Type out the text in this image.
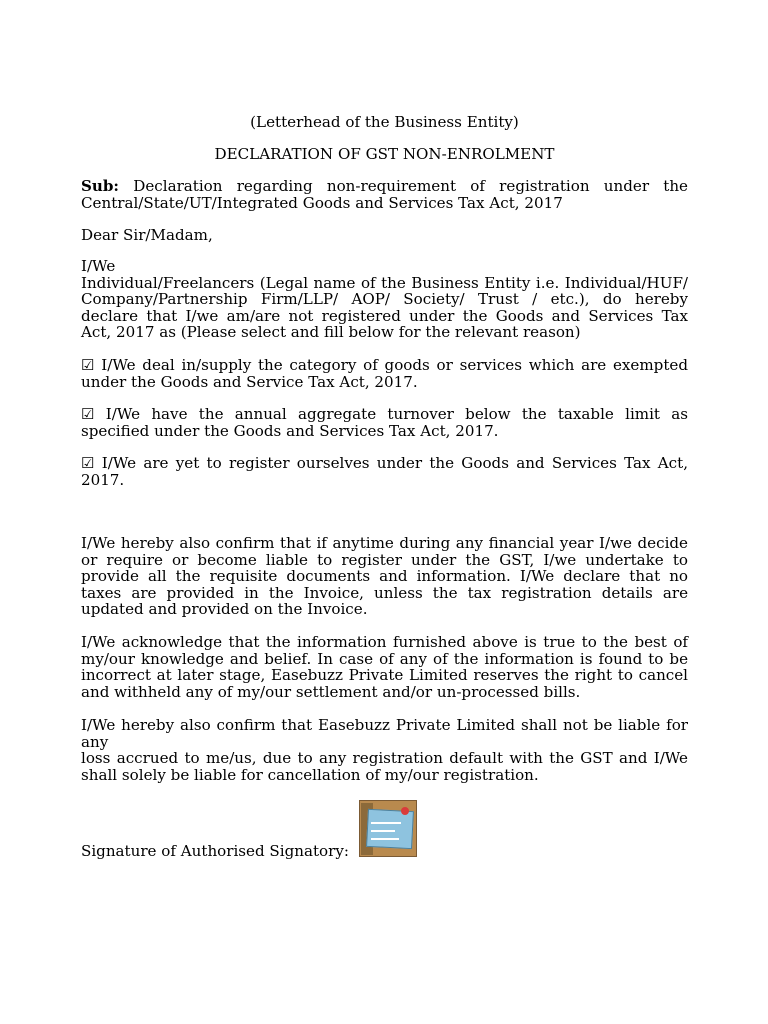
(Letterhead of the Business Entity)

DECLARATION OF GST NON-ENROLMENT

Sub: Declaration regarding non-requirement of registration under the
Central/State/UT/Integrated Goods and Services Tax Act, 2017

Dear Sir/Madam,

I/We
Individual/Freelancers (Legal name of the Business Entity i.e. Individual/HUF/
Company/Partnership Firm/LLP/ AOP/ Society/ Trust / etc.), do hereby
declare that I/we am/are not registered under the Goods and Services Tax
Act, 2017 as (Please select and fill below for the relevant reason)
☑ I/We deal in/supply the category of goods or services which are exempted
under the Goods and Service Tax Act, 2017.
☑ I/We have the annual aggregate turnover below the taxable limit as
specified under the Goods and Services Tax Act, 2017.
☑ I/We are yet to register ourselves under the Goods and Services Tax Act,
2017.
I/We hereby also confirm that if anytime during any financial year I/we decide
or require or become liable to register under the GST, I/we undertake to
provide all the requisite documents and information. I/We declare that no
taxes are provided in the Invoice, unless the tax registration details are
updated and provided on the Invoice.
I/We acknowledge that the information furnished above is true to the best of
my/our knowledge and belief. In case of any of the information is found to be
incorrect at later stage, Easebuzz Private Limited reserves the right to cancel
and withheld any of my/our settlement and/or un-processed bills.
I/We hereby also confirm that Easebuzz Private Limited shall not be liable for
any
loss accrued to me/us, due to any registration default with the GST and I/We
shall solely be liable for cancellation of my/our registration.

Signature of Authorised Signatory:
